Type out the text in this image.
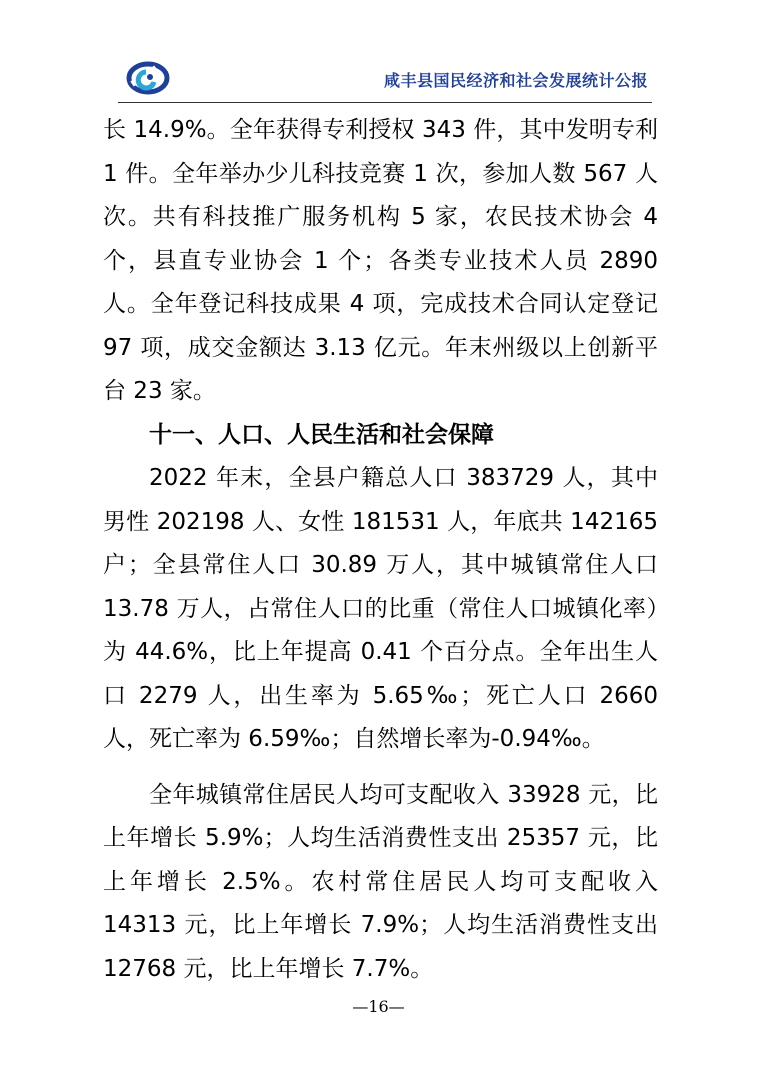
咸丰县国民经济和社会发展统计公报

长 14.9%。全年获得专利授权 343 件，其中发明专利 1 件。全年举办少儿科技竞赛 1 次，参加人数 567 人次。共有科技推广服务机构 5 家，农民技术协会 4 个，县直专业协会 1 个；各类专业技术人员 2890 人。全年登记科技成果 4 项，完成技术合同认定登记 97 项，成交金额达 3.13 亿元。年末州级以上创新平台 23 家。

十一、人口、人民生活和社会保障

2022 年末，全县户籍总人口 383729 人，其中男性 202198 人、女性 181531 人，年底共 142165 户；全县常住人口 30.89 万人，其中城镇常住人口 13.78 万人，占常住人口的比重（常住人口城镇化率）为 44.6%，比上年提高 0.41 个百分点。全年出生人口 2279 人，出生率为 5.65‰；死亡人口 2660 人，死亡率为 6.59‰；自然增长率为-0.94‰。

全年城镇常住居民人均可支配收入 33928 元，比上年增长 5.9%；人均生活消费性支出 25357 元，比上年增长 2.5%。农村常住居民人均可支配收入 14313 元，比上年增长 7.9%；人均生活消费性支出 12768 元，比上年增长 7.7%。

—16—
